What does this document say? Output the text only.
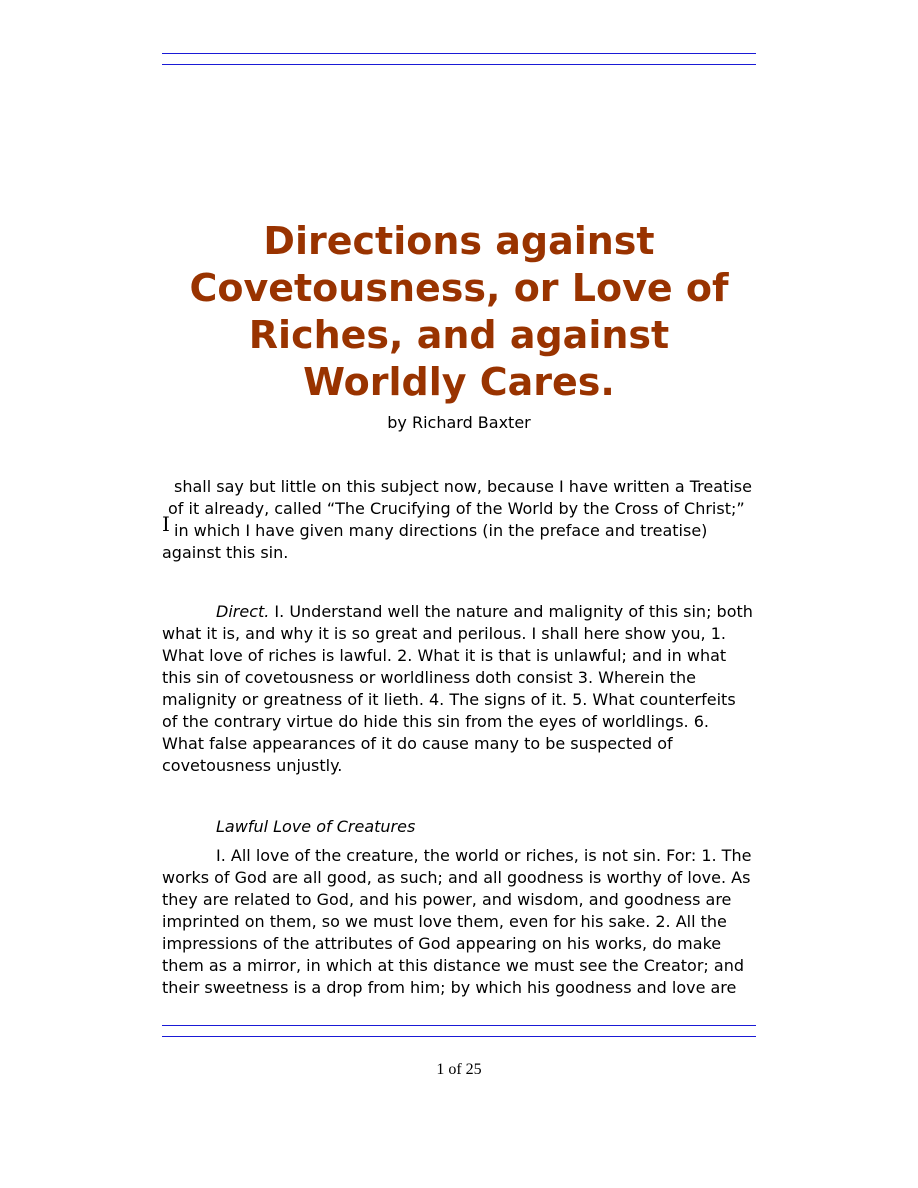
Directions against Covetousness, or Love of Riches, and against Worldly Cares.

by Richard Baxter

I

shall say but little on this subject now, because I have written a Treatise
of it already, called “The Crucifying of the World by the Cross of Christ;”
in which I have given many directions (in the preface and treatise)
against this sin.

Direct. I. Understand well the nature and malignity of this sin; both what it is, and why it is so great and perilous. I shall here show you, 1. What love of riches is lawful. 2. What it is that is unlawful; and in what this sin of covetousness or worldliness doth consist 3. Wherein the malignity or greatness of it lieth. 4. The signs of it. 5. What counterfeits of the contrary virtue do hide this sin from the eyes of worldlings. 6. What false appearances of it do cause many to be suspected of covetousness unjustly.

Lawful Love of Creatures

I. All love of the creature, the world or riches, is not sin. For: 1. The works of God are all good, as such; and all goodness is worthy of love. As they are related to God, and his power, and wisdom, and goodness are imprinted on them, so we must love them, even for his sake. 2. All the impressions of the attributes of God appearing on his works, do make them as a mirror, in which at this distance we must see the Creator; and their sweetness is a drop from him; by which his goodness and love are

1 of 25
